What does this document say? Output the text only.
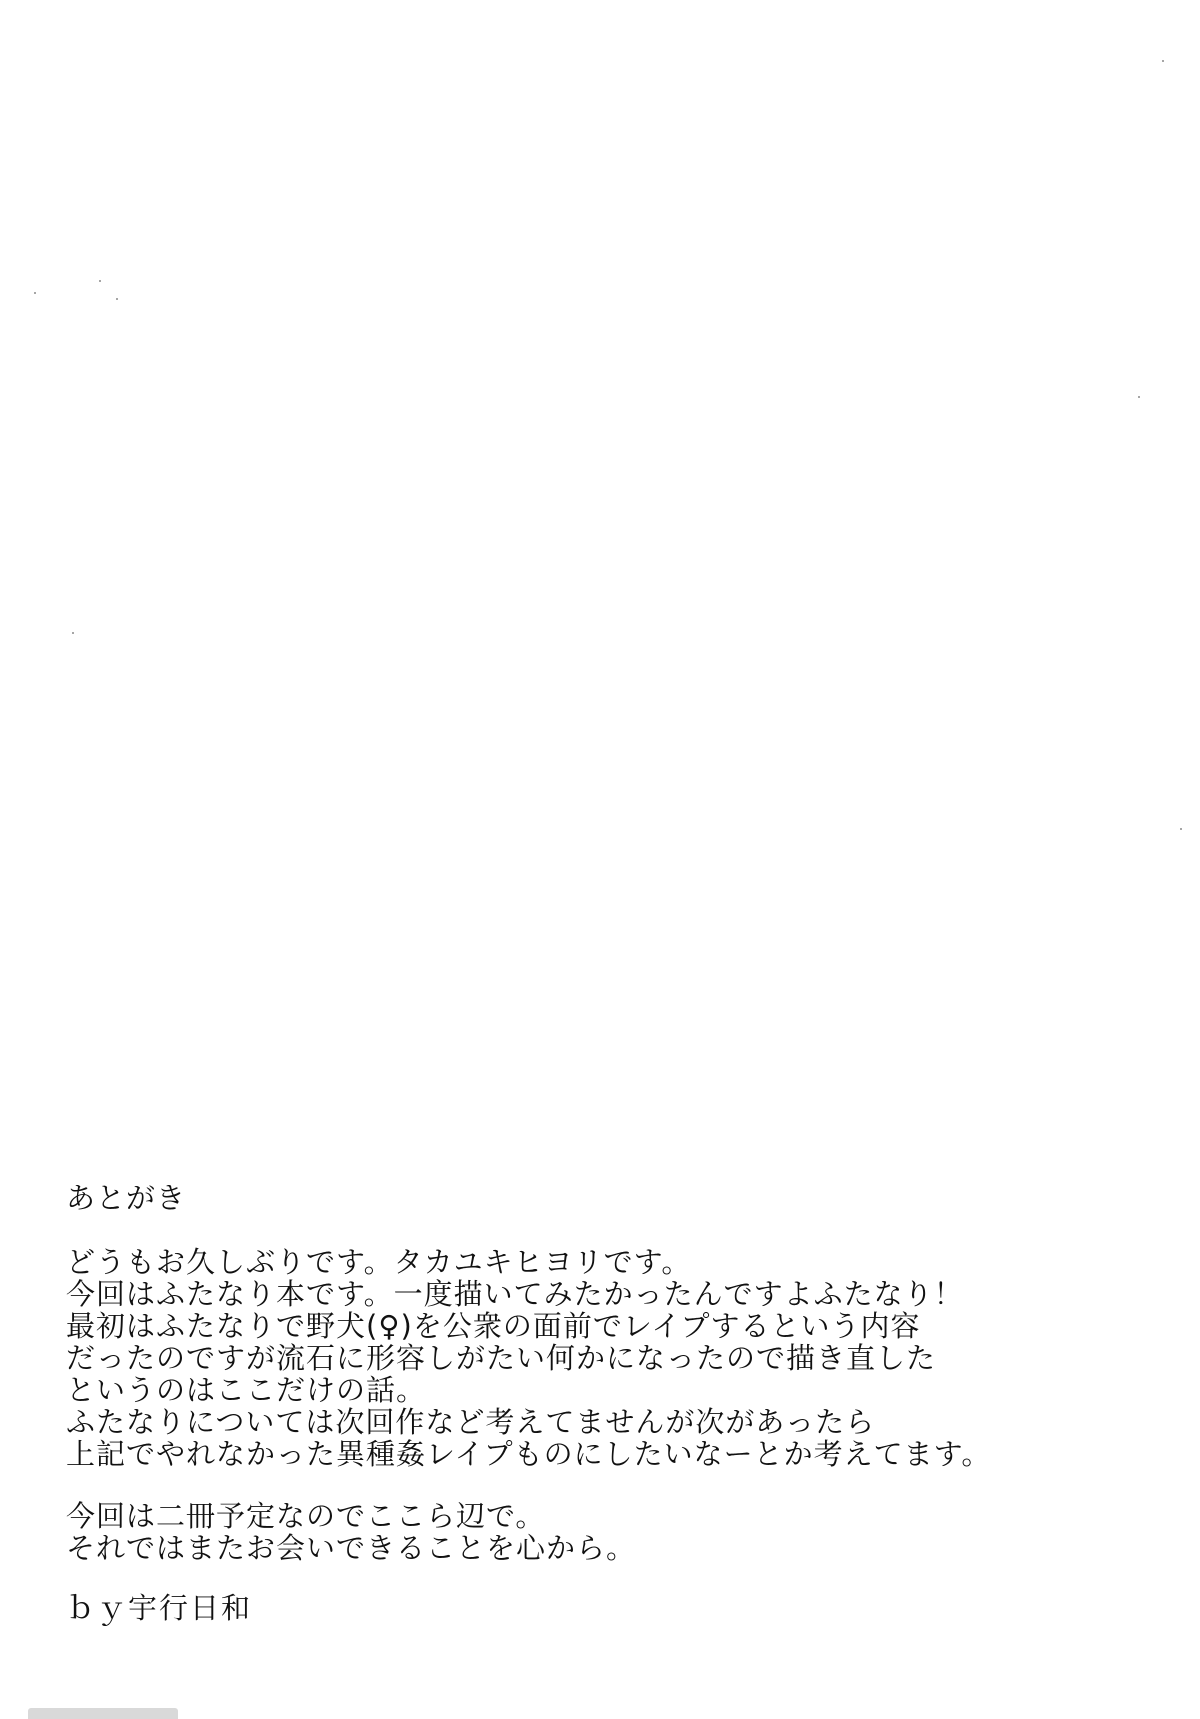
あとがき
どうもお久しぶりです。タカユキヒヨリです。
今回はふたなり本です。一度描いてみたかったんですよふたなり！
最初はふたなりで野犬(♀)を公衆の面前でレイプするという内容
だったのですが流石に形容しがたい何かになったので描き直した
というのはここだけの話。
ふたなりについては次回作など考えてませんが次があったら
上記でやれなかった異種姦レイプものにしたいなーとか考えてます。
今回は二冊予定なのでここら辺で。
それではまたお会いできることを心から。
ｂｙ宇行日和
